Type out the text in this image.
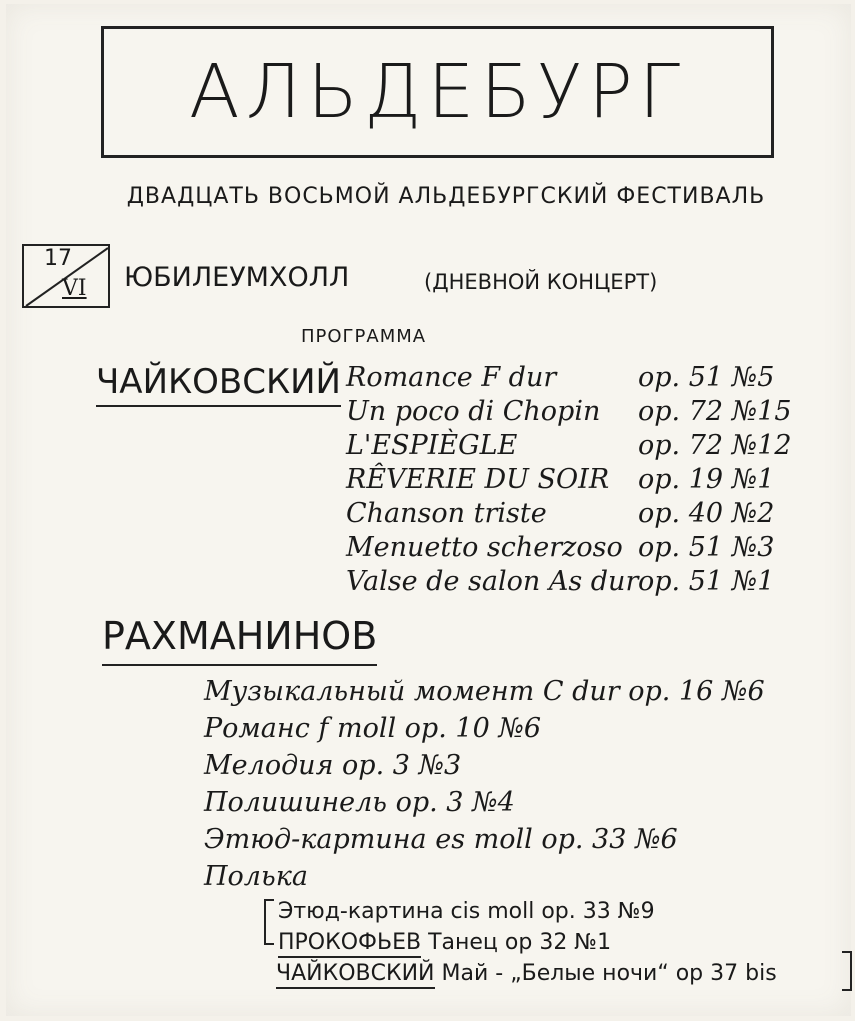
АЛЬДЕБУРГ
ДВАДЦАТЬ ВОСЬМОЙ АЛЬДЕБУРГСКИЙ ФЕСТИВАЛЬ
17
VI ЮБИЛЕУМХОЛЛ	(ДНЕВНОЙ КОНЦЕРТ)
ПРОГРАММА
ЧАЙКОВСКИЙ Romance F dur	op. 51 №5
Un poco di Chopin	op. 72 №15
L'ESPIÈGLE	op. 72 №12
RÊVERIE DU SOIR	op. 19 №1
Chanson triste	op. 40 №2
Menuetto scherzoso op. 51 №3
Valse de salon As dur op. 51 №1
РАХМАНИНОВ
Музыкальный момент C dur op. 16 №6
Романс f moll op. 10 №6
Мелодия op. 3 №3
Полишинель op. 3 №4
Этюд-картина es moll op. 33 №6
Полька
Этюд-картина cis moll op. 33 №9
ПРОКОФЬЕВ Танец op 32 №1
ЧАЙКОВСКИЙ Май - „Белые ночи“ op 37 bis
